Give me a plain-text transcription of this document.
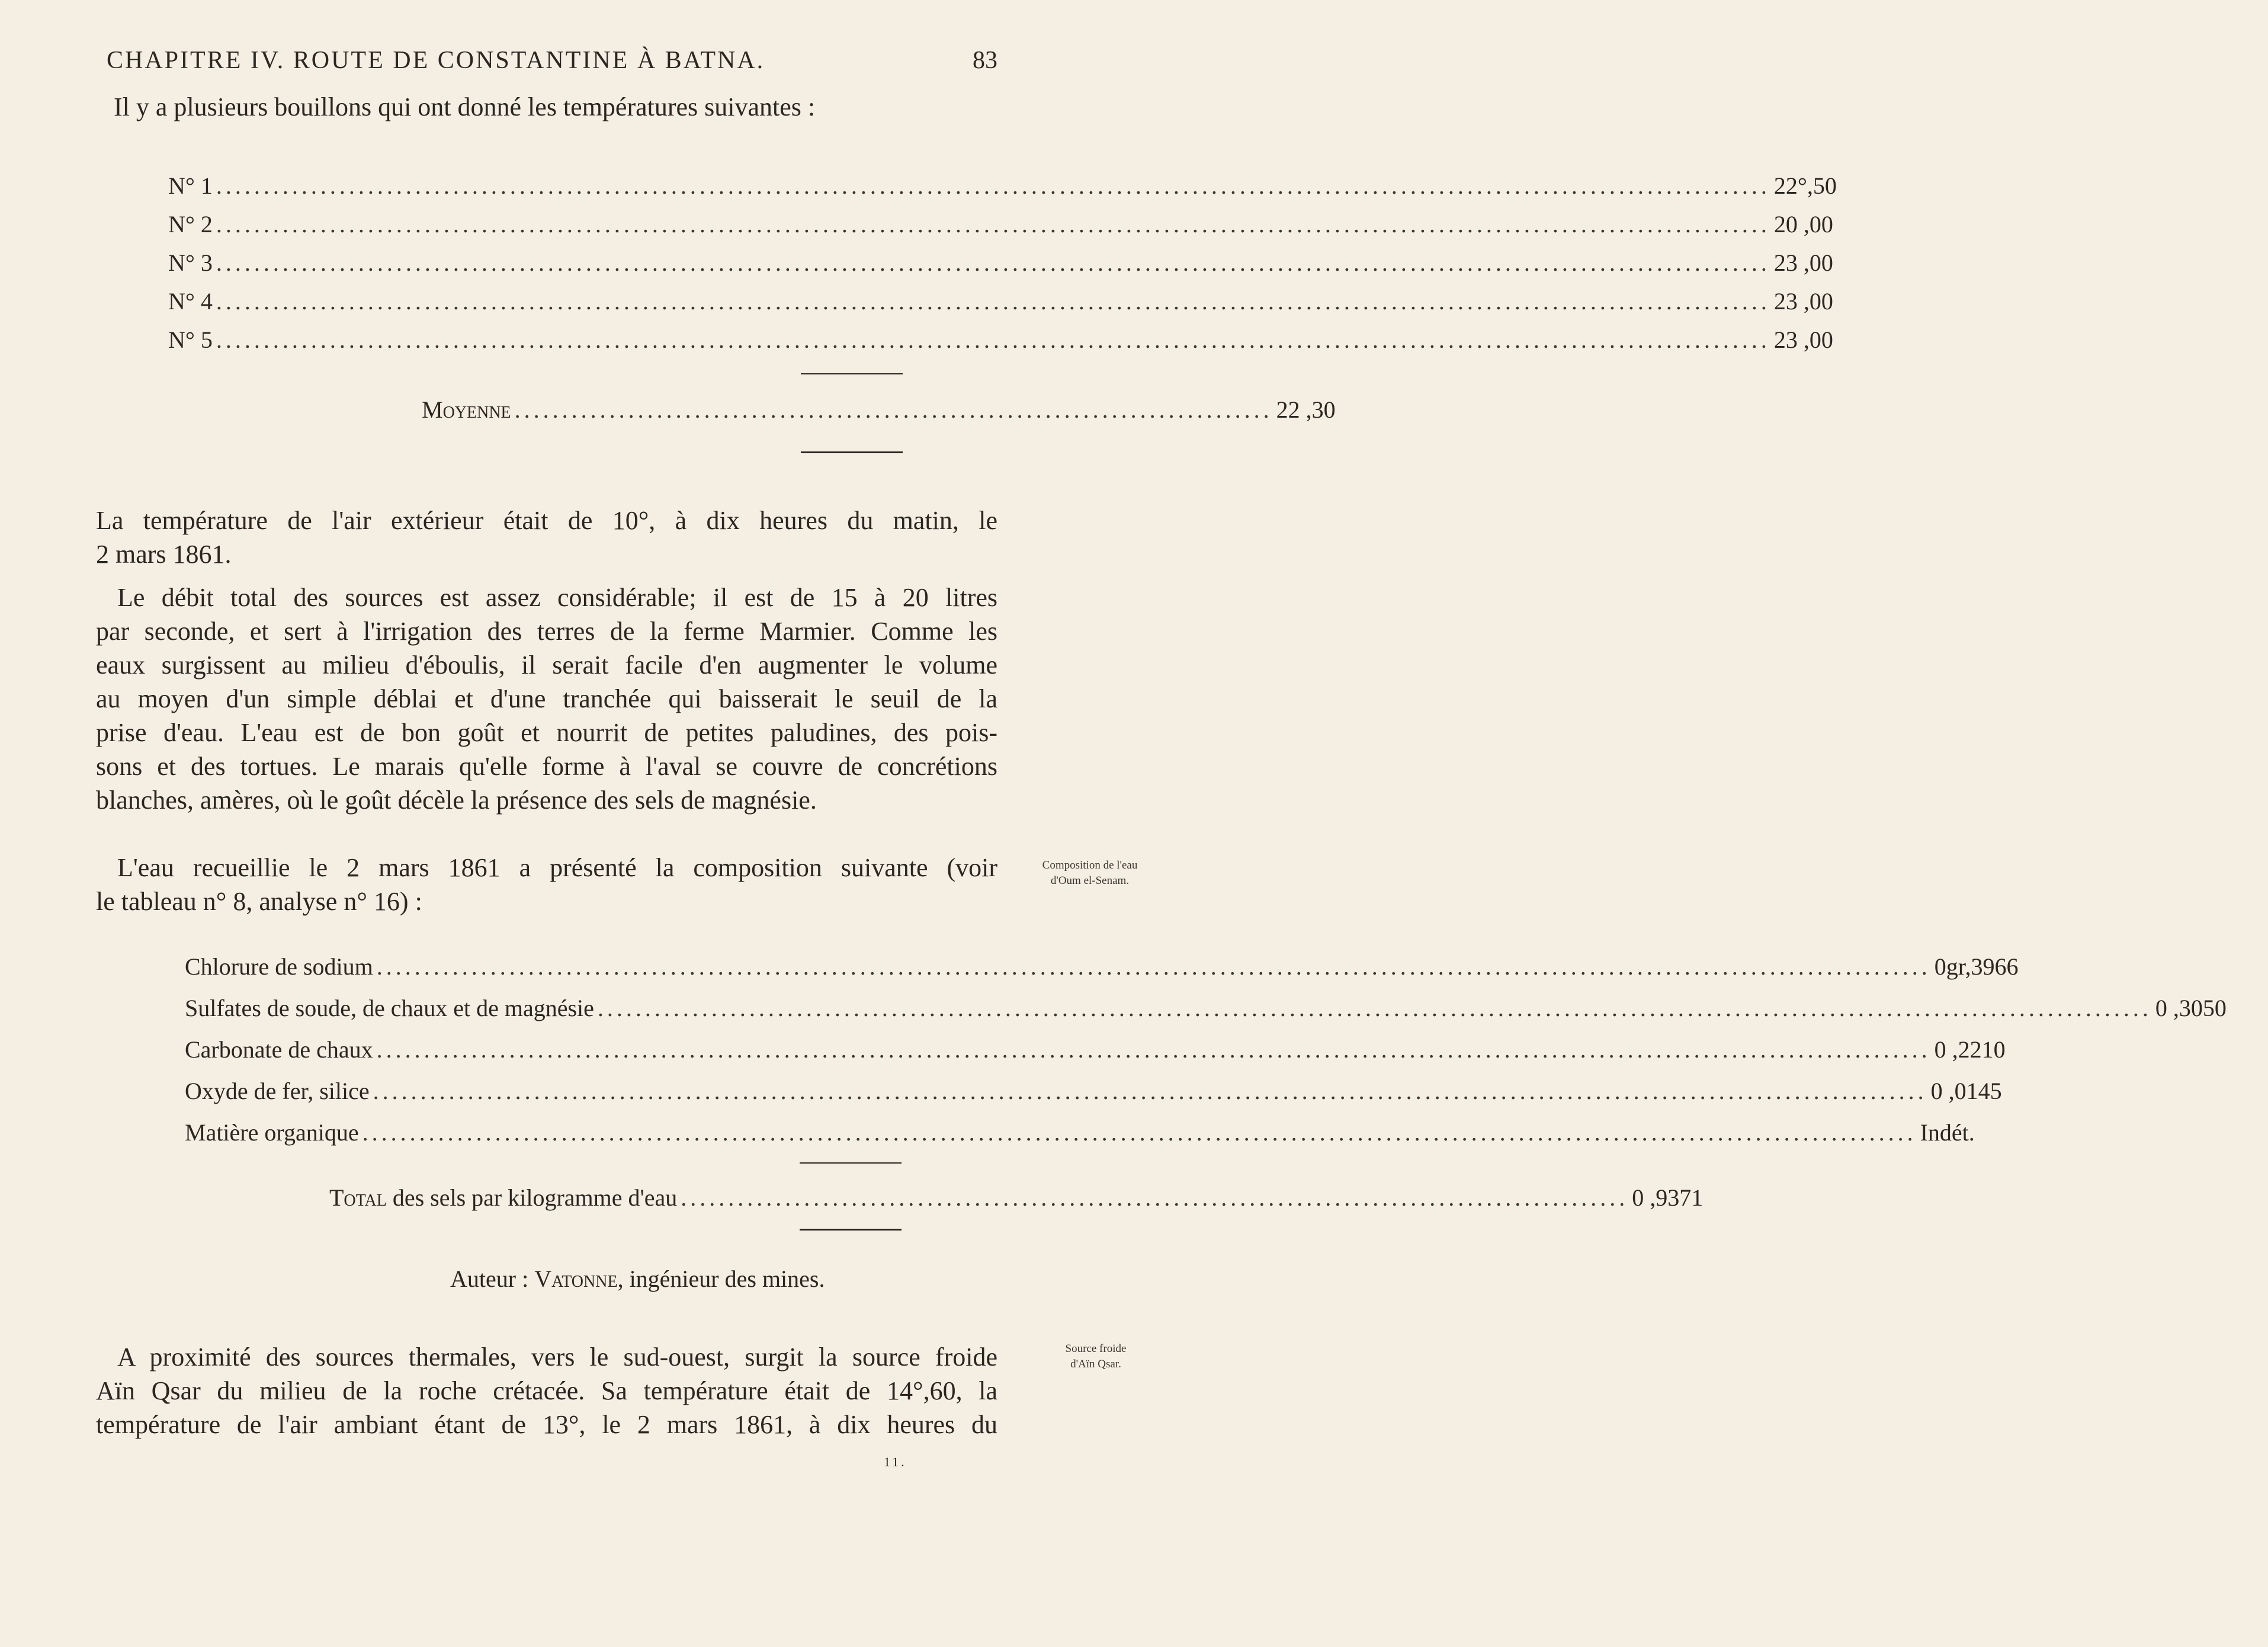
CHAPITRE IV. ROUTE DE CONSTANTINE À BATNA.	83
Il y a plusieurs bouillons qui ont donné les températures suivantes :
N° 1 .................................................................................................................................................................... 22°,50
N° 2 .................................................................................................................................................................... 20 ,00
N° 3 .................................................................................................................................................................... 23 ,00
N° 4 .................................................................................................................................................................... 23 ,00
N° 5 .................................................................................................................................................................... 23 ,00
Moyenne ................................................................................ 22 ,30
La température de l'air extérieur était de 10°, à dix heures du matin, le
2 mars 1861.
Le débit total des sources est assez considérable; il est de 15 à 20 litres
par seconde, et sert à l'irrigation des terres de la ferme Marmier. Comme les
eaux surgissent au milieu d'éboulis, il serait facile d'en augmenter le volume
au moyen d'un simple déblai et d'une tranchée qui baisserait le seuil de la
prise d'eau. L'eau est de bon goût et nourrit de petites paludines, des pois-
sons et des tortues. Le marais qu'elle forme à l'aval se couvre de concrétions
blanches, amères, où le goût décèle la présence des sels de magnésie.
L'eau recueillie le 2 mars 1861 a présenté la composition suivante (voir
le tableau n° 8, analyse n° 16) :
Composition de l'eau
d'Oum el-Senam.
Chlorure de sodium .................................................................................................................................................................... 0gr,3966
Sulfates de soude, de chaux et de magnésie .................................................................................................................................................................... 0 ,3050
Carbonate de chaux .................................................................................................................................................................... 0 ,2210
Oxyde de fer, silice .................................................................................................................................................................... 0 ,0145
Matière organique .................................................................................................................................................................... Indét.
Total des sels par kilogramme d'eau .................................................................................................... 0 ,9371
Auteur : Vatonne, ingénieur des mines.
A proximité des sources thermales, vers le sud-ouest, surgit la source froide
Aïn Qsar du milieu de la roche crétacée. Sa température était de 14°,60, la
température de l'air ambiant étant de 13°, le 2 mars 1861, à dix heures du
Source froide
d'Aïn Qsar.
11.
